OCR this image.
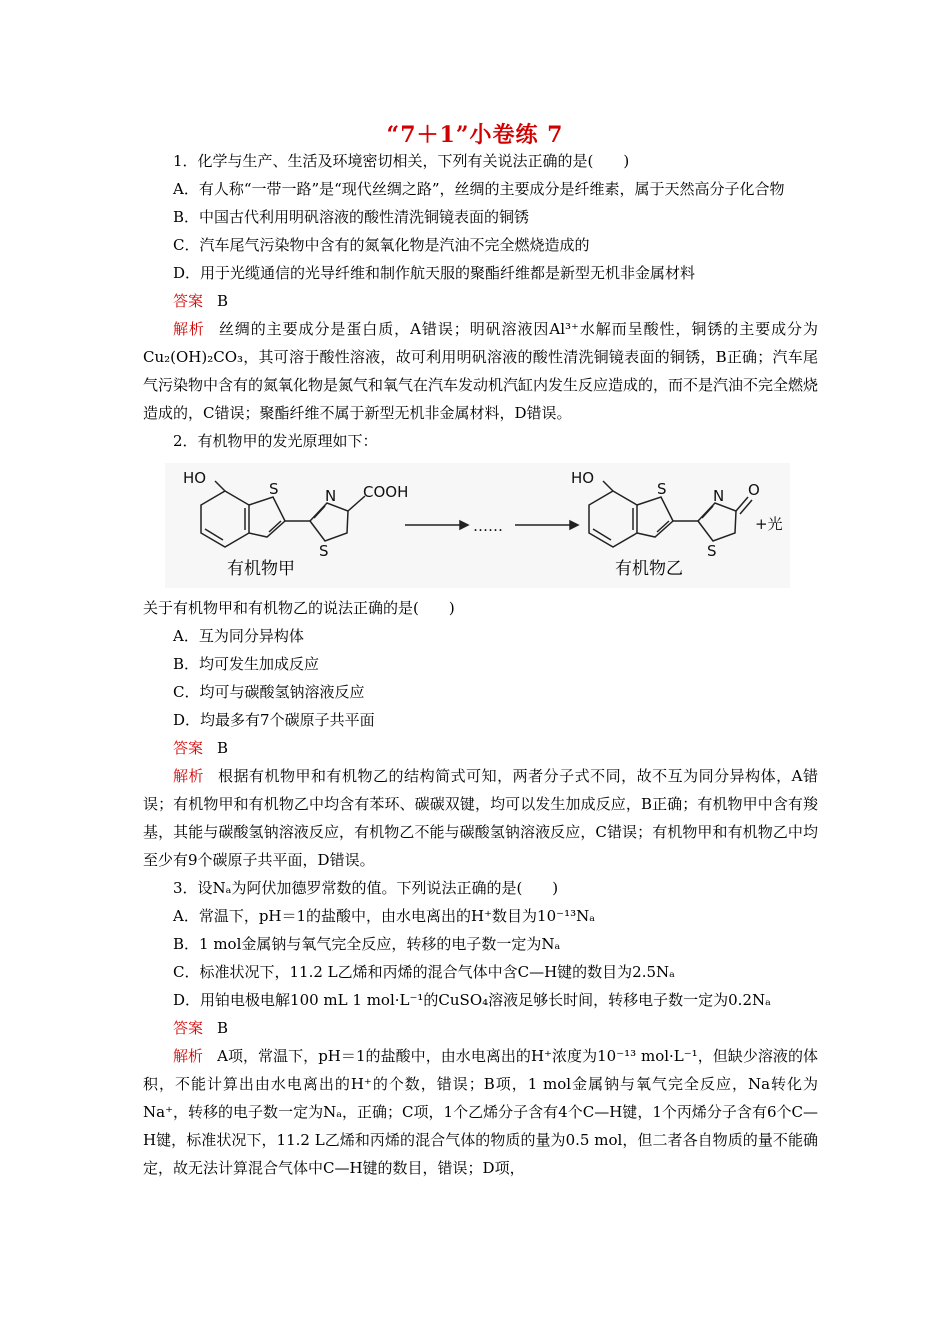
“7＋1”小卷练 7

1．化学与生产、生活及环境密切相关，下列有关说法正确的是(　　)

A．有人称“一带一路”是“现代丝绸之路”，丝绸的主要成分是纤维素，属于天然高分子化合物

B．中国古代利用明矾溶液的酸性清洗铜镜表面的铜锈

C．汽车尾气污染物中含有的氮氧化物是汽油不完全燃烧造成的

D．用于光缆通信的光导纤维和制作航天服的聚酯纤维都是新型无机非金属材料

答案 B

解析 丝绸的主要成分是蛋白质，A错误；明矾溶液因Al³⁺水解而呈酸性，铜锈的主要成分为Cu₂(OH)₂CO₃，其可溶于酸性溶液，故可利用明矾溶液的酸性清洗铜镜表面的铜锈，B正确；汽车尾气污染物中含有的氮氧化物是氮气和氧气在汽车发动机汽缸内发生反应造成的，而不是汽油不完全燃烧造成的，C错误；聚酯纤维不属于新型无机非金属材料，D错误。

2．有机物甲的发光原理如下：

HO
S	N
S
COOH
……
HO
S	N
S
O
+光
有机物甲	有机物乙

关于有机物甲和有机物乙的说法正确的是(　　)

A．互为同分异构体

B．均可发生加成反应

C．均可与碳酸氢钠溶液反应

D．均最多有7个碳原子共平面

答案 B

解析 根据有机物甲和有机物乙的结构简式可知，两者分子式不同，故不互为同分异构体，A错误；有机物甲和有机物乙中均含有苯环、碳碳双键，均可以发生加成反应，B正确；有机物甲中含有羧基，其能与碳酸氢钠溶液反应，有机物乙不能与碳酸氢钠溶液反应，C错误；有机物甲和有机物乙中均至少有9个碳原子共平面，D错误。

3．设Nₐ为阿伏加德罗常数的值。下列说法正确的是(　　)

A．常温下，pH＝1的盐酸中，由水电离出的H⁺数目为10⁻¹³Nₐ

B．1 mol金属钠与氧气完全反应，转移的电子数一定为Nₐ

C．标准状况下，11.2 L乙烯和丙烯的混合气体中含C—H键的数目为2.5Nₐ

D．用铂电极电解100 mL 1 mol·L⁻¹的CuSO₄溶液足够长时间，转移电子数一定为0.2Nₐ

答案 B

解析 A项，常温下，pH＝1的盐酸中，由水电离出的H⁺浓度为10⁻¹³ mol·L⁻¹，但缺少溶液的体积，不能计算出由水电离出的H⁺的个数，错误；B项，1 mol金属钠与氧气完全反应，Na转化为Na⁺，转移的电子数一定为Nₐ，正确；C项，1个乙烯分子含有4个C—H键，1个丙烯分子含有6个C—H键，标准状况下，11.2 L乙烯和丙烯的混合气体的物质的量为0.5 mol，但二者各自物质的量不能确定，故无法计算混合气体中C—H键的数目，错误；D项，
